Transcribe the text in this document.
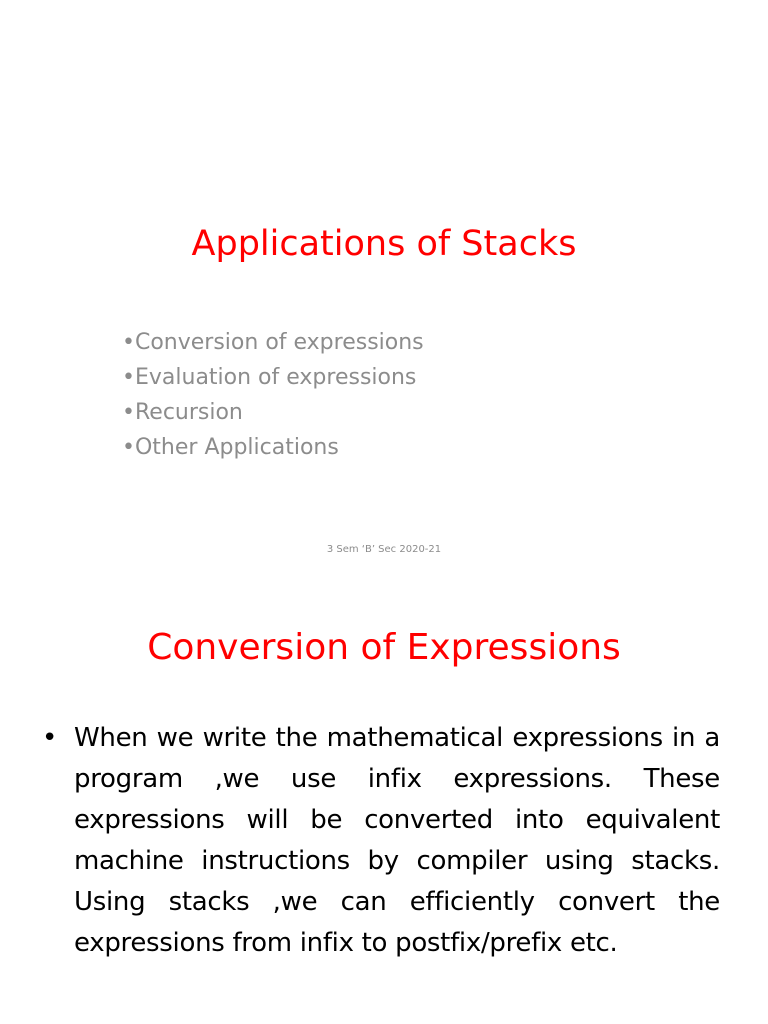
Applications of Stacks
•Conversion of expressions
•Evaluation of expressions
•Recursion
•Other Applications
3 Sem ‘B’ Sec 2020-21
Conversion of Expressions
• When we write the mathematical expressions in a program ,we use infix expressions. These expressions will be converted into equivalent machine instructions by compiler using stacks. Using stacks ,we can efficiently convert the expressions from infix to postfix/prefix etc.
